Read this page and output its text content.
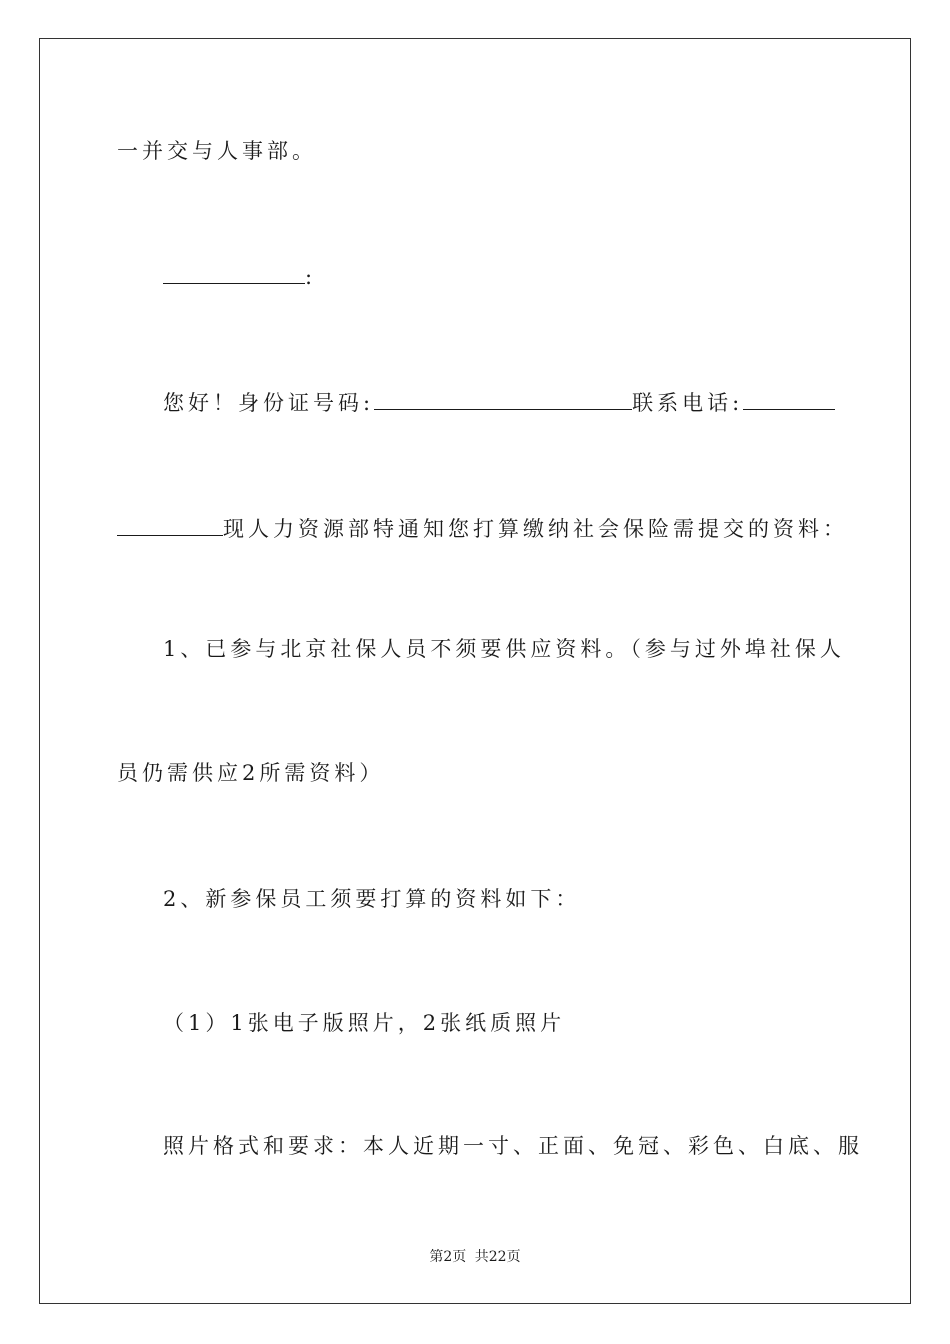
一并交与人事部。
:
您好！身份证号码:	联系电话:
现人力资源部特通知您打算缴纳社会保险需提交的资料：
1、已参与北京社保人员不须要供应资料。（参与过外埠社保人
员仍需供应2所需资料）
2、新参保员工须要打算的资料如下：
（1）1张电子版照片，2张纸质照片
照片格式和要求：本人近期一寸、正面、免冠、彩色、白底、服
第2页 共22页
